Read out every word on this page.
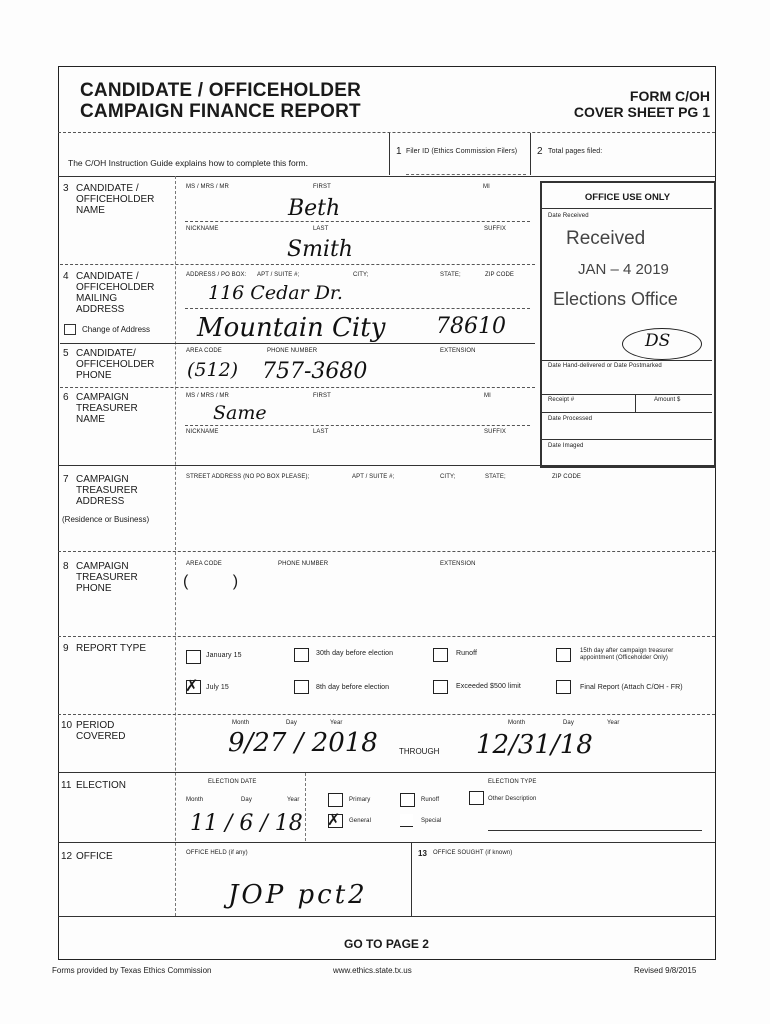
CANDIDATE / OFFICEHOLDER
CAMPAIGN FINANCE REPORT
FORM C/OH
COVER SHEET PG 1
The C/OH Instruction Guide explains how to complete this form.
1 Filer ID (Ethics Commission Filers) 2 Total pages filed:
OFFICE USE ONLY
Date Received
Received
JAN – 4 2019
Elections Office
DS
Date Hand-delivered or Date Postmarked
Receipt #	Amount $
Date Processed
Date Imaged
3 CANDIDATE /
OFFICEHOLDER
NAME
MS / MRS / MR	FIRST	MI
Beth
NICKNAME	LAST	SUFFIX
Smith
4 CANDIDATE /
OFFICEHOLDER
MAILING
ADDRESS
Change of Address
ADDRESS / PO BOX: APT / SUITE #;	CITY;	STATE;	ZIP CODE
116 Cedar Dr.
Mountain City 78610
5 CANDIDATE/
OFFICEHOLDER
PHONE
AREA CODE	PHONE NUMBER	EXTENSION
(512) 757-3680
6 CAMPAIGN
TREASURER
NAME
MS / MRS / MR	FIRST	MI
Same
NICKNAME	LAST	SUFFIX
7 CAMPAIGN
TREASURER
ADDRESS
(Residence or Business)
STREET ADDRESS (NO PO BOX PLEASE);	APT / SUITE #;	CITY;	STATE;	ZIP CODE
8 CAMPAIGN
TREASURER
PHONE
AREA CODE	PHONE NUMBER	EXTENSION
(          )
9 REPORT TYPE
January 15	30th day before election	Runoff	15th day after campaign treasurer appointment (Officeholder Only)
✗ July 15	8th day before election	Exceeded $500 limit	Final Report (Attach C/OH - FR)
10 PERIOD
COVERED
Month	Day	Year
9/27 / 2018	THROUGH
Month	Day	Year
12/31/18
11 ELECTION	ELECTION DATE
Month	Day	Year
11 / 6 / 18
ELECTION TYPE
Primary	Runoff	Other Description
✗ General	Special
12 OFFICE	OFFICE HELD (if any)
JOP pct2
13 OFFICE SOUGHT (if known)
GO TO PAGE 2
Forms provided by Texas Ethics Commission	www.ethics.state.tx.us	Revised 9/8/2015
